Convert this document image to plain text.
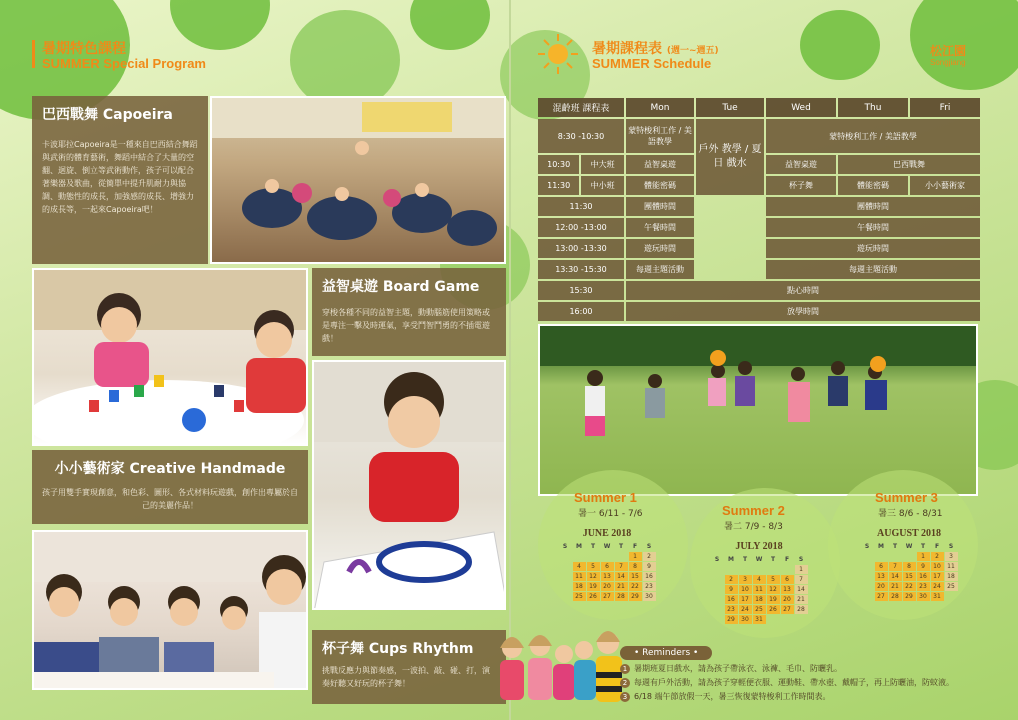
暑期特色課程
SUMMER Special Program
巴西戰舞 Capoeira
卡波耶拉Capoeira是一種來自巴西結合舞蹈與武術的體育藝術，舞蹈中結合了大量的空翻、迴旋、倒立等武術動作，孩子可以配合著樂器及歌曲，從簡單中提升肌耐力與協調、動態性的成長，加強感的成長、增強力的成長等，一起來Capoeira吧！
益智桌遊 Board Game
穿梭各種不同的益智主題，動動腦筋使用策略或是專注一擊及時運氣，享受鬥智鬥勇的不插電遊戲！
小小藝術家 Creative Handmade
孩子用雙手實現創意，和色彩、圖形、各式材料玩遊戲，創作出專屬於自己的美麗作品！
杯子舞 Cups Rhythm
挑戰反應力與節奏感，一波拍、敲、碰、打，演奏好聽又好玩的杯子舞！
暑期課程表 (週一~週五)
SUMMER Schedule
松江園
Songjiang
混齡班 課程表		Mon	Tue	Wed	Thu	Fri
8:30 -10:30		蒙特梭利工作 / 美語教學	戶外 教學 / 夏日 戲水	蒙特梭利工作 / 美語教學		
10:30	中大班	益智桌遊		益智桌遊	巴西戰舞	
11:30	中小班	體能密碼		杯子舞	體能密碼	小小藝術家
11:30		團體時間		團體時間		
12:00 -13:00		午餐時間		午餐時間		
13:00 -13:30		遊玩時間		遊玩時間		
13:30 -15:30		每週主題活動		每週主題活動		
15:30		點心時間				
16:00		放學時間				
Summer 1
暑一 6/11 - 7/6	Summer 2
暑二 7/9 - 8/3
Summer 3
暑三 8/6 - 8/31
JUNE 2018
S	M	T	W	T	F	S
					1	2
	4	5	6	7	8	9
	11	12	13	14	15	16
	18	19	20	21	22	23
	25	26	27	28	29	30
JULY 2018
S	M	T	W	T	F	S
						1
	2	3	4	5	6	7
	9	10	11	12	13	14
	16	17	18	19	20	21
	23	24	25	26	27	28
	29	30	31			
AUGUST 2018
S	M	T	W	T	F	S
				1	2	3
	6	7	8	9	10	11
	13	14	15	16	17	18
	20	21	22	23	24	25
	27	28	29	30	31	
• Reminders •
1 暑期班夏日戲水，請為孩子帶泳衣、泳褲、毛巾、防曬乳。
2 每週有戶外活動，請為孩子穿輕便衣服、運動鞋、帶水壺、戴帽子，再上防曬油，防蚊液。
3 6/18 端午節放假一天，暑三恢復蒙特梭利工作時間表。
